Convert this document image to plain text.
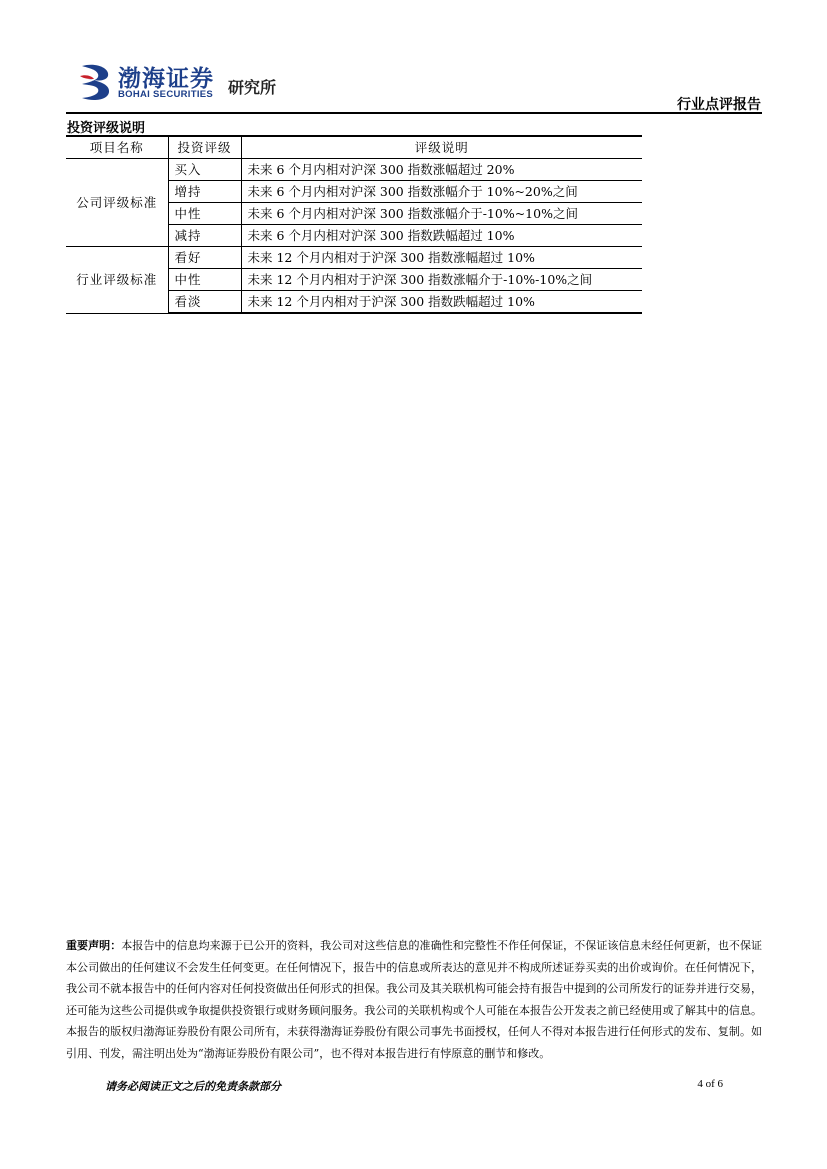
渤海证券
BOHAI SECURITIES 研究所
行业点评报告
投资评级说明
项目名称	投资评级	评级说明
公司评级标准	买入	未来 6 个月内相对沪深 300 指数涨幅超过 20%
	增持	未来 6 个月内相对沪深 300 指数涨幅介于 10%~20%之间
	中性	未来 6 个月内相对沪深 300 指数涨幅介于-10%~10%之间
	减持	未来 6 个月内相对沪深 300 指数跌幅超过 10%
行业评级标准	看好	未来 12 个月内相对于沪深 300 指数涨幅超过 10%
	中性	未来 12 个月内相对于沪深 300 指数涨幅介于-10%-10%之间
	看淡	未来 12 个月内相对于沪深 300 指数跌幅超过 10%
重要声明：本报告中的信息均来源于已公开的资料，我公司对这些信息的准确性和完整性不作任何保证，不保证该信息未经任何更新，也不保证本公司做出的任何建议不会发生任何变更。在任何情况下，报告中的信息或所表达的意见并不构成所述证券买卖的出价或询价。在任何情况下，我公司不就本报告中的任何内容对任何投资做出任何形式的担保。我公司及其关联机构可能会持有报告中提到的公司所发行的证券并进行交易，还可能为这些公司提供或争取提供投资银行或财务顾问服务。我公司的关联机构或个人可能在本报告公开发表之前已经使用或了解其中的信息。本报告的版权归渤海证券股份有限公司所有，未获得渤海证券股份有限公司事先书面授权，任何人不得对本报告进行任何形式的发布、复制。如引用、刊发，需注明出处为“渤海证券股份有限公司”，也不得对本报告进行有悖原意的删节和修改。
请务必阅读正文之后的免责条款部分	4 of 6
